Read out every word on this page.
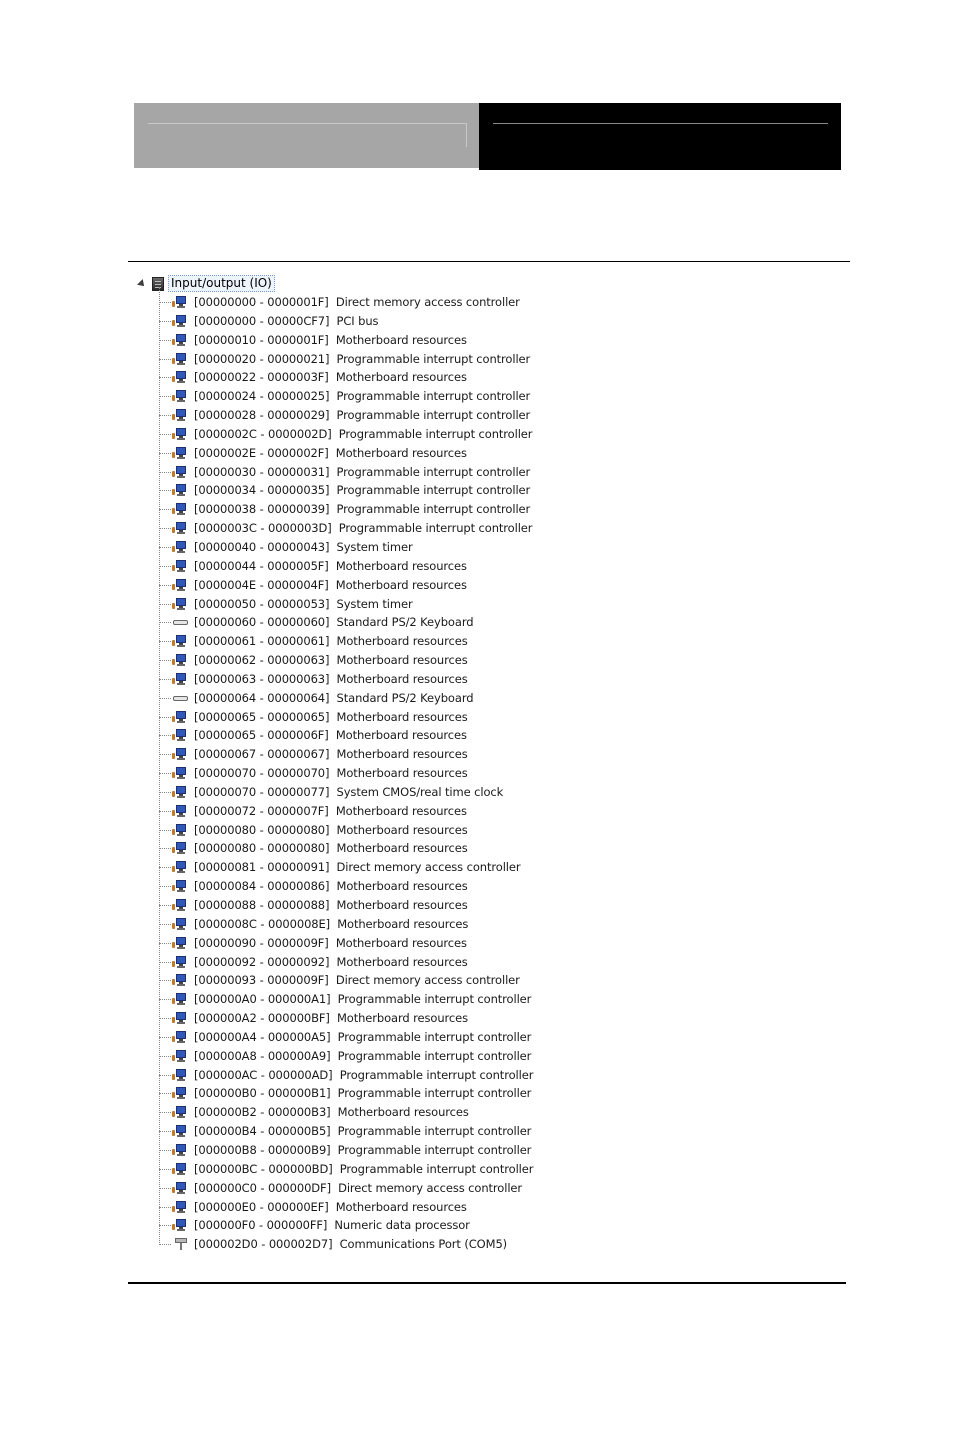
Input/output (IO)
[00000000 - 0000001F] Direct memory access controller
[00000000 - 00000CF7] PCI bus
[00000010 - 0000001F] Motherboard resources
[00000020 - 00000021] Programmable interrupt controller
[00000022 - 0000003F] Motherboard resources
[00000024 - 00000025] Programmable interrupt controller
[00000028 - 00000029] Programmable interrupt controller
[0000002C - 0000002D] Programmable interrupt controller
[0000002E - 0000002F] Motherboard resources
[00000030 - 00000031] Programmable interrupt controller
[00000034 - 00000035] Programmable interrupt controller
[00000038 - 00000039] Programmable interrupt controller
[0000003C - 0000003D] Programmable interrupt controller
[00000040 - 00000043] System timer
[00000044 - 0000005F] Motherboard resources
[0000004E - 0000004F] Motherboard resources
[00000050 - 00000053] System timer
[00000060 - 00000060] Standard PS/2 Keyboard
[00000061 - 00000061] Motherboard resources
[00000062 - 00000063] Motherboard resources
[00000063 - 00000063] Motherboard resources
[00000064 - 00000064] Standard PS/2 Keyboard
[00000065 - 00000065] Motherboard resources
[00000065 - 0000006F] Motherboard resources
[00000067 - 00000067] Motherboard resources
[00000070 - 00000070] Motherboard resources
[00000070 - 00000077] System CMOS/real time clock
[00000072 - 0000007F] Motherboard resources
[00000080 - 00000080] Motherboard resources
[00000080 - 00000080] Motherboard resources
[00000081 - 00000091] Direct memory access controller
[00000084 - 00000086] Motherboard resources
[00000088 - 00000088] Motherboard resources
[0000008C - 0000008E] Motherboard resources
[00000090 - 0000009F] Motherboard resources
[00000092 - 00000092] Motherboard resources
[00000093 - 0000009F] Direct memory access controller
[000000A0 - 000000A1] Programmable interrupt controller
[000000A2 - 000000BF] Motherboard resources
[000000A4 - 000000A5] Programmable interrupt controller
[000000A8 - 000000A9] Programmable interrupt controller
[000000AC - 000000AD] Programmable interrupt controller
[000000B0 - 000000B1] Programmable interrupt controller
[000000B2 - 000000B3] Motherboard resources
[000000B4 - 000000B5] Programmable interrupt controller
[000000B8 - 000000B9] Programmable interrupt controller
[000000BC - 000000BD] Programmable interrupt controller
[000000C0 - 000000DF] Direct memory access controller
[000000E0 - 000000EF] Motherboard resources
[000000F0 - 000000FF] Numeric data processor
[000002D0 - 000002D7] Communications Port (COM5)
